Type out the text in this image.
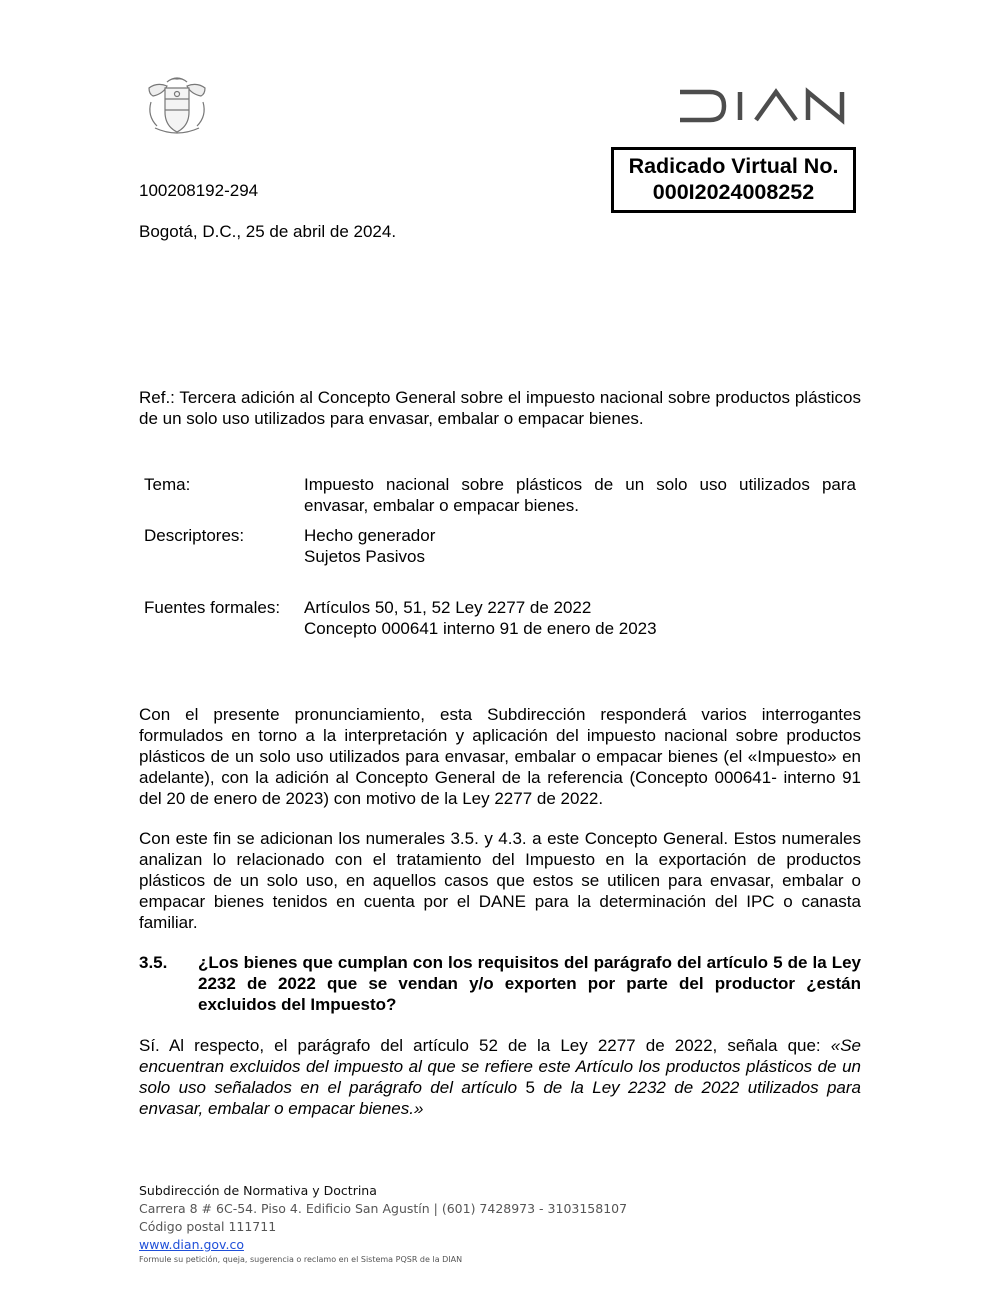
Radicado Virtual No.
000I2024008252
100208192-294
Bogotá, D.C., 25 de abril de 2024.
Ref.: Tercera adición al Concepto General sobre el impuesto nacional sobre productos plásticos de un solo uso utilizados para envasar, embalar o empacar bienes.
Tema:	Impuesto nacional sobre plásticos de un solo uso utilizados para envasar, embalar o empacar bienes.
Descriptores:	Hecho generador
Sujetos Pasivos
Fuentes formales: Artículos 50, 51, 52 Ley 2277 de 2022
Concepto 000641 interno 91 de enero de 2023
Con el presente pronunciamiento, esta Subdirección responderá varios interrogantes formulados en torno a la interpretación y aplicación del impuesto nacional sobre productos plásticos de un solo uso utilizados para envasar, embalar o empacar bienes (el «Impuesto» en adelante), con la adición al Concepto General de la referencia (Concepto 000641- interno 91 del 20 de enero de 2023) con motivo de la Ley 2277 de 2022.
Con este fin se adicionan los numerales 3.5. y 4.3. a este Concepto General. Estos numerales analizan lo relacionado con el tratamiento del Impuesto en la exportación de productos plásticos de un solo uso, en aquellos casos que estos se utilicen para envasar, embalar o empacar bienes tenidos en cuenta por el DANE para la determinación del IPC o canasta familiar.
3.5. ¿Los bienes que cumplan con los requisitos del parágrafo del artículo 5 de la Ley 2232 de 2022 que se vendan y/o exporten por parte del productor ¿están excluidos del Impuesto?
Sí. Al respecto, el parágrafo del artículo 52 de la Ley 2277 de 2022, señala que: «Se encuentran excluidos del impuesto al que se refiere este Artículo los productos plásticos de un solo uso señalados en el parágrafo del artículo 5 de la Ley 2232 de 2022 utilizados para envasar, embalar o empacar bienes.»
Subdirección de Normativa y Doctrina
Carrera 8 # 6C-54. Piso 4. Edificio San Agustín | (601) 7428973 - 3103158107
Código postal 111711
www.dian.gov.co
Formule su petición, queja, sugerencia o reclamo en el Sistema PQSR de la DIAN
